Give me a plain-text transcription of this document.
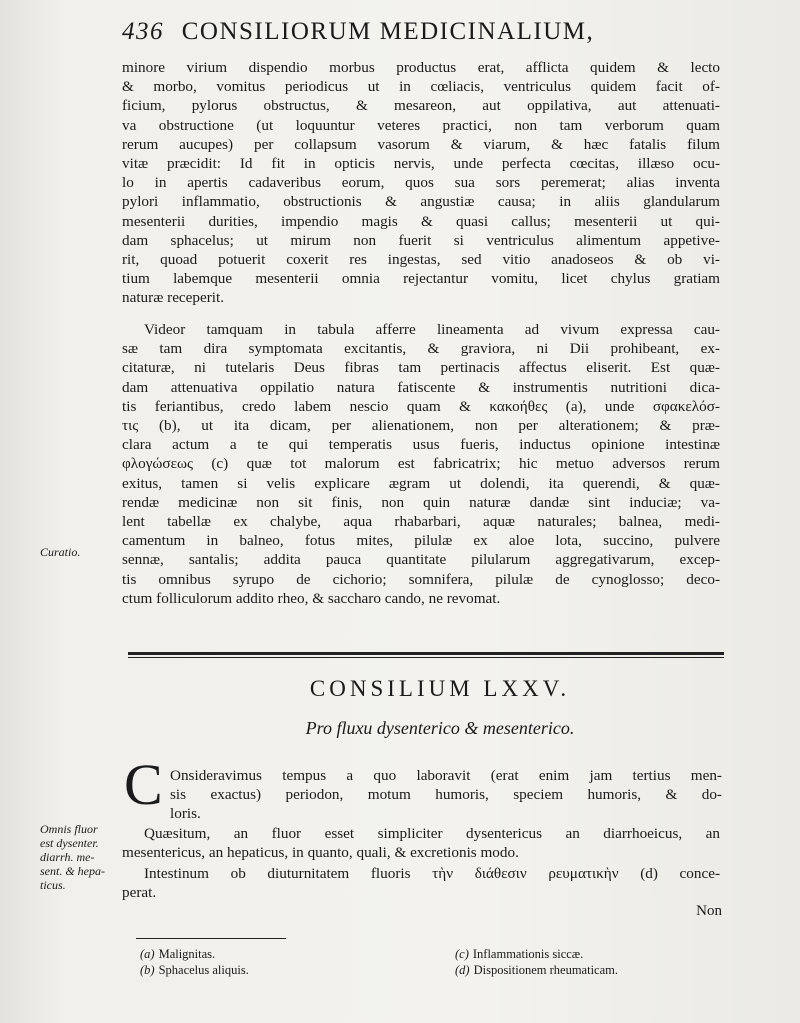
436 CONSILIORUM MEDICINALIUM,
minore virium dispendio morbus productus erat, afflicta quidem & lecto
& morbo, vomitus periodicus ut in cœliacis, ventriculus quidem facit of-
ficium, pylorus obstructus, & mesareon, aut oppilativa, aut attenuati-
va obstructione (ut loquuntur veteres practici, non tam verborum quam
rerum aucupes) per collapsum vasorum & viarum, & hæc fatalis filum
vitæ præcidit: Id fit in opticis nervis, unde perfecta cœcitas, illæso ocu-
lo in apertis cadaveribus eorum, quos sua sors peremerat; alias inventa
pylori inflammatio, obstructionis & angustiæ causa; in aliis glandularum
mesenterii durities, impendio magis & quasi callus; mesenterii ut qui-
dam sphacelus; ut mirum non fuerit si ventriculus alimentum appetive-
rit, quoad potuerit coxerit res ingestas, sed vitio anadoseos & ob vi-
tium labemque mesenterii omnia rejectantur vomitu, licet chylus gratiam
naturæ receperit.
Videor tamquam in tabula afferre lineamenta ad vivum expressa cau-
sæ tam dira symptomata excitantis, & graviora, ni Dii prohibeant, ex-
citaturæ, ni tutelaris Deus fibras tam pertinacis affectus eliserit. Est quæ-
dam attenuativa oppilatio natura fatiscente & instrumentis nutritioni dica-
tis feriantibus, credo labem nescio quam & κακοήθες (a), unde σφακελόσ-
τις (b), ut ita dicam, per alienationem, non per alterationem; & præ-
clara actum a te qui temperatis usus fueris, inductus opinione intestinæ
φλογώσεως (c) quæ tot malorum est fabricatrix; hic metuo adversos rerum
exitus, tamen si velis explicare ægram ut dolendi, ita querendi, & quæ-
rendæ medicinæ non sit finis, non quin naturæ dandæ sint induciæ; va-
lent tabellæ ex chalybe, aqua rhabarbari, aquæ naturales; balnea, medi-
camentum in balneo, fotus mites, pilulæ ex aloe lota, succino, pulvere
sennæ, santalis; addita pauca quantitate pilularum aggregativarum, excep-
tis omnibus syrupo de cichorio; somnifera, pilulæ de cynoglosso; deco-
ctum folliculorum addito rheo, & saccharo cando, ne revomat.
Curatio.
CONSILIUM LXXV.
Pro fluxu dysenterico & mesenterico.
C Onsideravimus tempus a quo laboravit (erat enim jam tertius men-
sis exactus) periodon, motum humoris, speciem humoris, & do-
loris.
Quæsitum, an fluor esset simpliciter dysentericus an diarrhoeicus, an
mesentericus, an hepaticus, in quanto, quali, & excretionis modo.
Intestinum ob diuturnitatem fluoris τὴν διάθεσιν ρευματικὴν (d) conce-
perat.
Omnis fluor
est dysenter.
diarrh. me-
sent. & hepa-
ticus.
Non
(a) Malignitas.	(c) Inflammationis siccæ.
(b) Sphacelus aliquis.	(d) Dispositionem rheumaticam.
